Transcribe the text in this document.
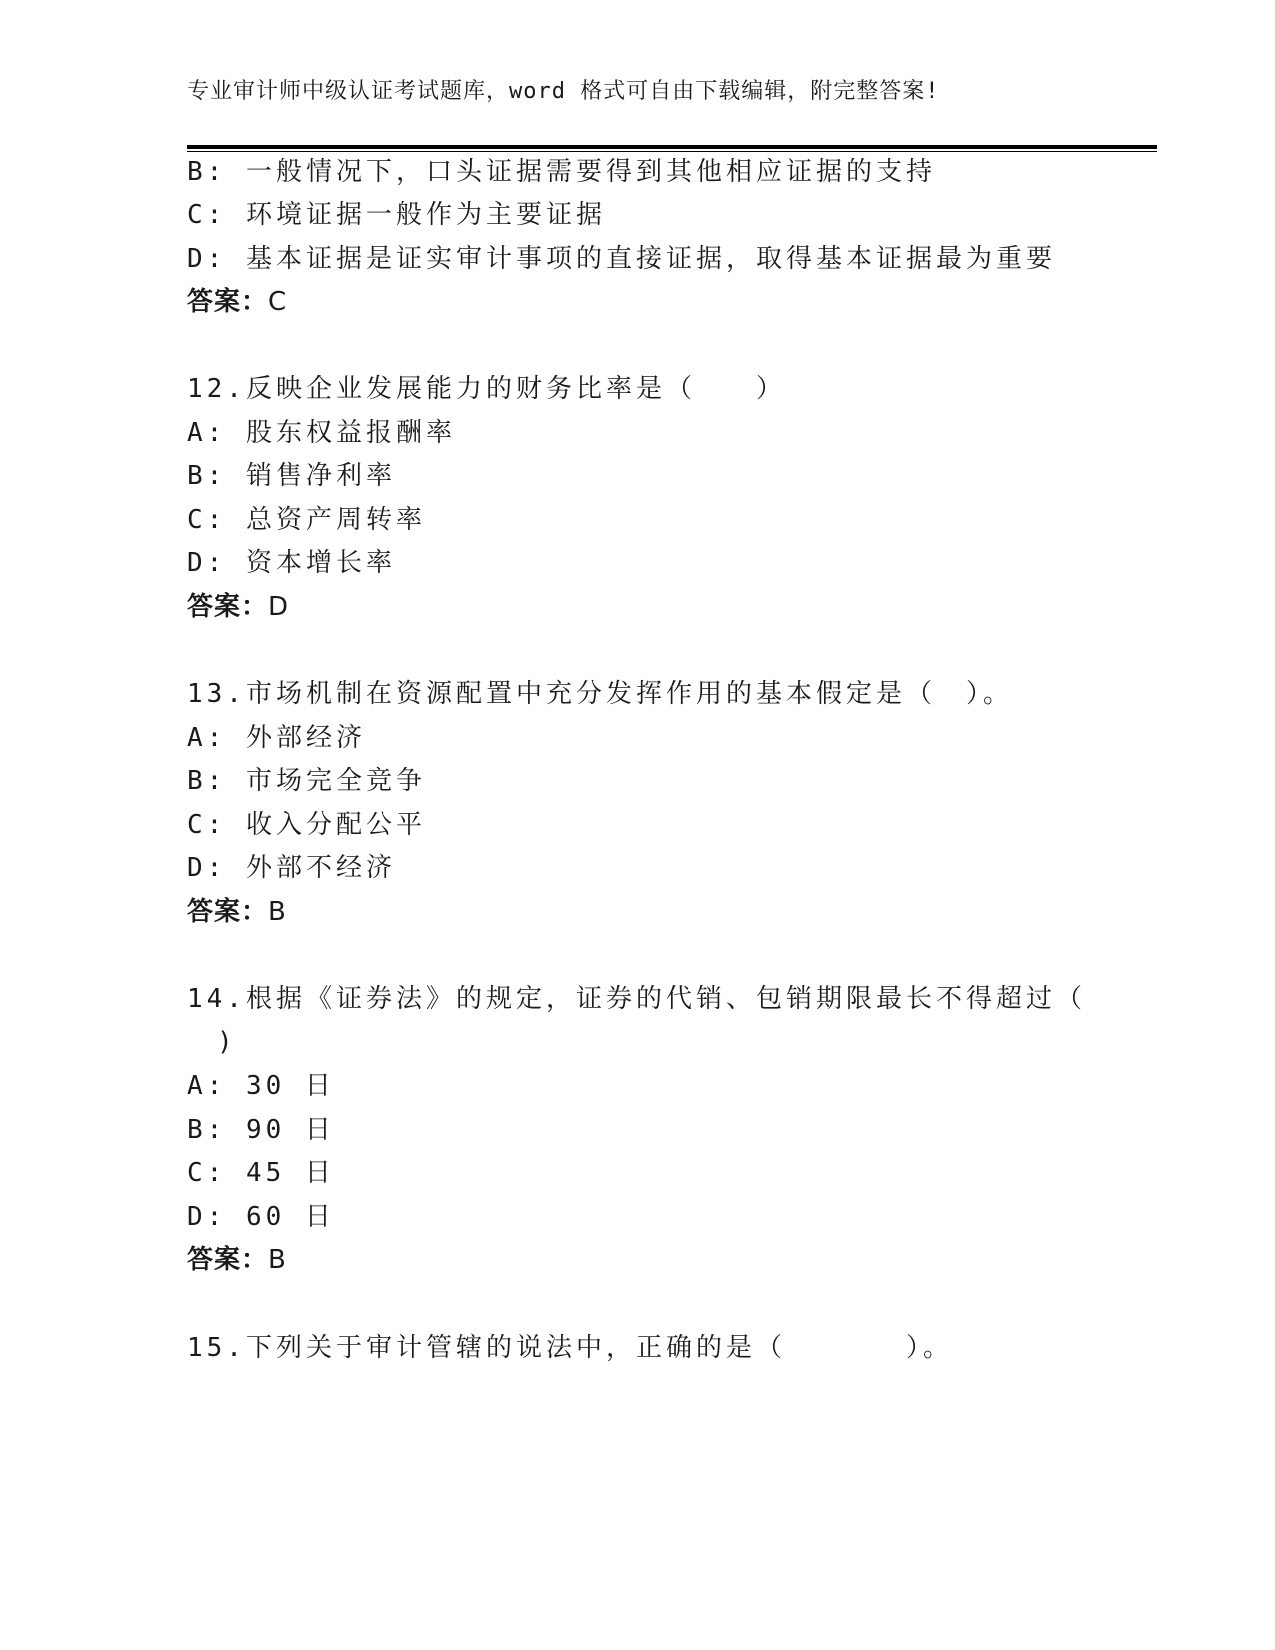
专业审计师中级认证考试题库，word 格式可自由下载编辑，附完整答案!
B: 一般情况下，口头证据需要得到其他相应证据的支持
C: 环境证据一般作为主要证据
D: 基本证据是证实审计事项的直接证据，取得基本证据最为重要
答案：C
12.反映企业发展能力的财务比率是（　　）
A: 股东权益报酬率
B: 销售净利率
C: 总资产周转率
D: 资本增长率
答案：D
13.市场机制在资源配置中充分发挥作用的基本假定是（　）。
A: 外部经济
B: 市场完全竞争
C: 收入分配公平
D: 外部不经济
答案：B
14.根据《证券法》的规定，证券的代销、包销期限最长不得超过（
　)
A: 30 日
B: 90 日
C: 45 日
D: 60 日
答案：B
15.下列关于审计管辖的说法中，正确的是（　　　　）。
